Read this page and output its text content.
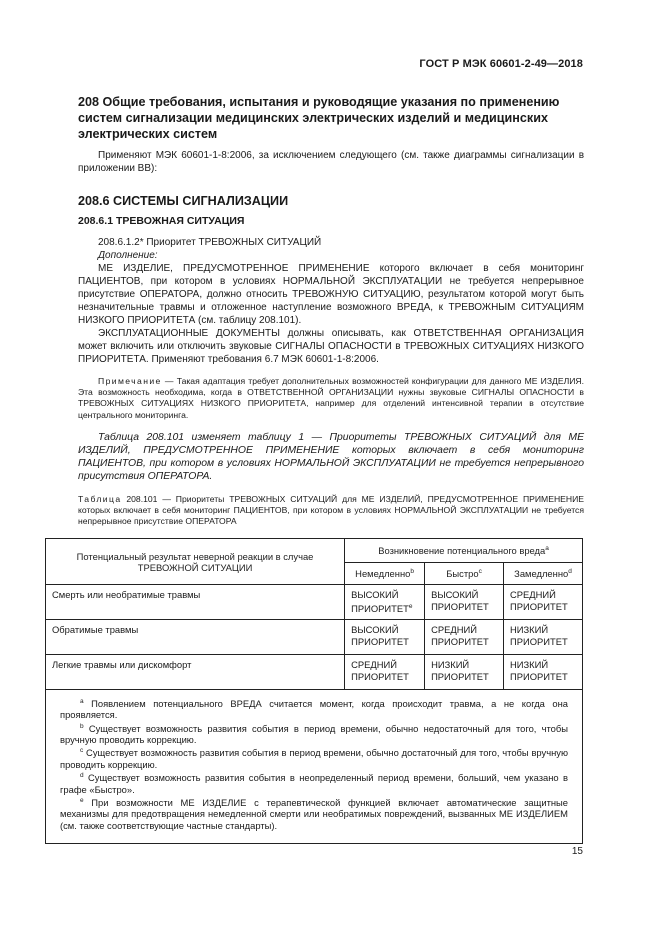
ГОСТ Р МЭК 60601-2-49—2018
208 Общие требования, испытания и руководящие указания по применению систем сигнализации медицинских электрических изделий и медицинских электрических систем
Применяют МЭК 60601-1-8:2006, за исключением следующего (см. также диаграммы сигнализации в приложении ВВ):
208.6 СИСТЕМЫ СИГНАЛИЗАЦИИ
208.6.1 ТРЕВОЖНАЯ СИТУАЦИЯ
208.6.1.2* Приоритет ТРЕВОЖНЫХ СИТУАЦИЙ
Дополнение:
МЕ ИЗДЕЛИЕ, ПРЕДУСМОТРЕННОЕ ПРИМЕНЕНИЕ которого включает в себя мониторинг ПАЦИЕНТОВ, при котором в условиях НОРМАЛЬНОЙ ЭКСПЛУАТАЦИИ не требуется непрерывное присутствие ОПЕРАТОРА, должно относить ТРЕВОЖНУЮ СИТУАЦИЮ, результатом которой могут быть незначительные травмы и отложенное наступление возможного ВРЕДА, к ТРЕВОЖНЫМ СИТУАЦИЯМ НИЗКОГО ПРИОРИТЕТА (см. таблицу 208.101).
ЭКСПЛУАТАЦИОННЫЕ ДОКУМЕНТЫ должны описывать, как ОТВЕТСТВЕННАЯ ОРГАНИЗАЦИЯ может включить или отключить звуковые СИГНАЛЫ ОПАСНОСТИ в ТРЕВОЖНЫХ СИТУАЦИЯХ НИЗКОГО ПРИОРИТЕТА. Применяют требования 6.7 МЭК 60601-1-8:2006.
Примечание — Такая адаптация требует дополнительных возможностей конфигурации для данного МЕ ИЗДЕЛИЯ. Эта возможность необходима, когда в ОТВЕТСТВЕННОЙ ОРГАНИЗАЦИИ нужны звуковые СИГНАЛЫ ОПАСНОСТИ в ТРЕВОЖНЫХ СИТУАЦИЯХ НИЗКОГО ПРИОРИТЕТА, например для отделений интенсивной терапии в отсутствие центрального мониторинга.
Таблица 208.101 изменяет таблицу 1 — Приоритеты ТРЕВОЖНЫХ СИТУАЦИЙ для МЕ ИЗДЕЛИЙ, ПРЕДУСМОТРЕННОЕ ПРИМЕНЕНИЕ которых включает в себя мониторинг ПАЦИЕНТОВ, при котором в условиях НОРМАЛЬНОЙ ЭКСПЛУАТАЦИИ не требуется непрерывного присутствия ОПЕРАТОРА.
Таблица 208.101 — Приоритеты ТРЕВОЖНЫХ СИТУАЦИЙ для МЕ ИЗДЕЛИЙ, ПРЕДУСМОТРЕННОЕ ПРИМЕНЕНИЕ которых включает в себя мониторинг ПАЦИЕНТОВ, при котором в условиях НОРМАЛЬНОЙ ЭКСПЛУАТАЦИИ не требуется непрерывное присутствие ОПЕРАТОРА
Потенциальный результат неверной реакции в случае ТРЕВОЖНОЙ СИТУАЦИИ	Возникновение потенциального вреда$^a$
	Немедленно$^b$	Быстро$^c$	Замедленно$^d$
Смерть или необратимые травмы	ВЫСОКИЙ ПРИОРИТЕТ$^e$	ВЫСОКИЙ ПРИОРИТЕТ	СРЕДНИЙ ПРИОРИТЕТ
Обратимые травмы	ВЫСОКИЙ ПРИОРИТЕТ	СРЕДНИЙ ПРИОРИТЕТ	НИЗКИЙ ПРИОРИТЕТ
Легкие травмы или дискомфорт	СРЕДНИЙ ПРИОРИТЕТ	НИЗКИЙ ПРИОРИТЕТ	НИЗКИЙ ПРИОРИТЕТ

$^a$ Появлением потенциального ВРЕДА считается момент, когда происходит травма, а не когда она проявляется.
$^b$ Существует возможность развития события в период времени, обычно недостаточный для того, чтобы вручную проводить коррекцию.
$^c$ Существует возможность развития события в период времени, обычно достаточный для того, чтобы вручную проводить коррекцию.
$^d$ Существует возможность развития события в неопределенный период времени, больший, чем указано в графе «Быстро».
$^e$ При возможности МЕ ИЗДЕЛИЕ с терапевтической функцией включает автоматические защитные механизмы для предотвращения немедленной смерти или необратимых повреждений, вызванных МЕ ИЗДЕЛИЕМ (см. также соответствующие частные стандарты).			
15
